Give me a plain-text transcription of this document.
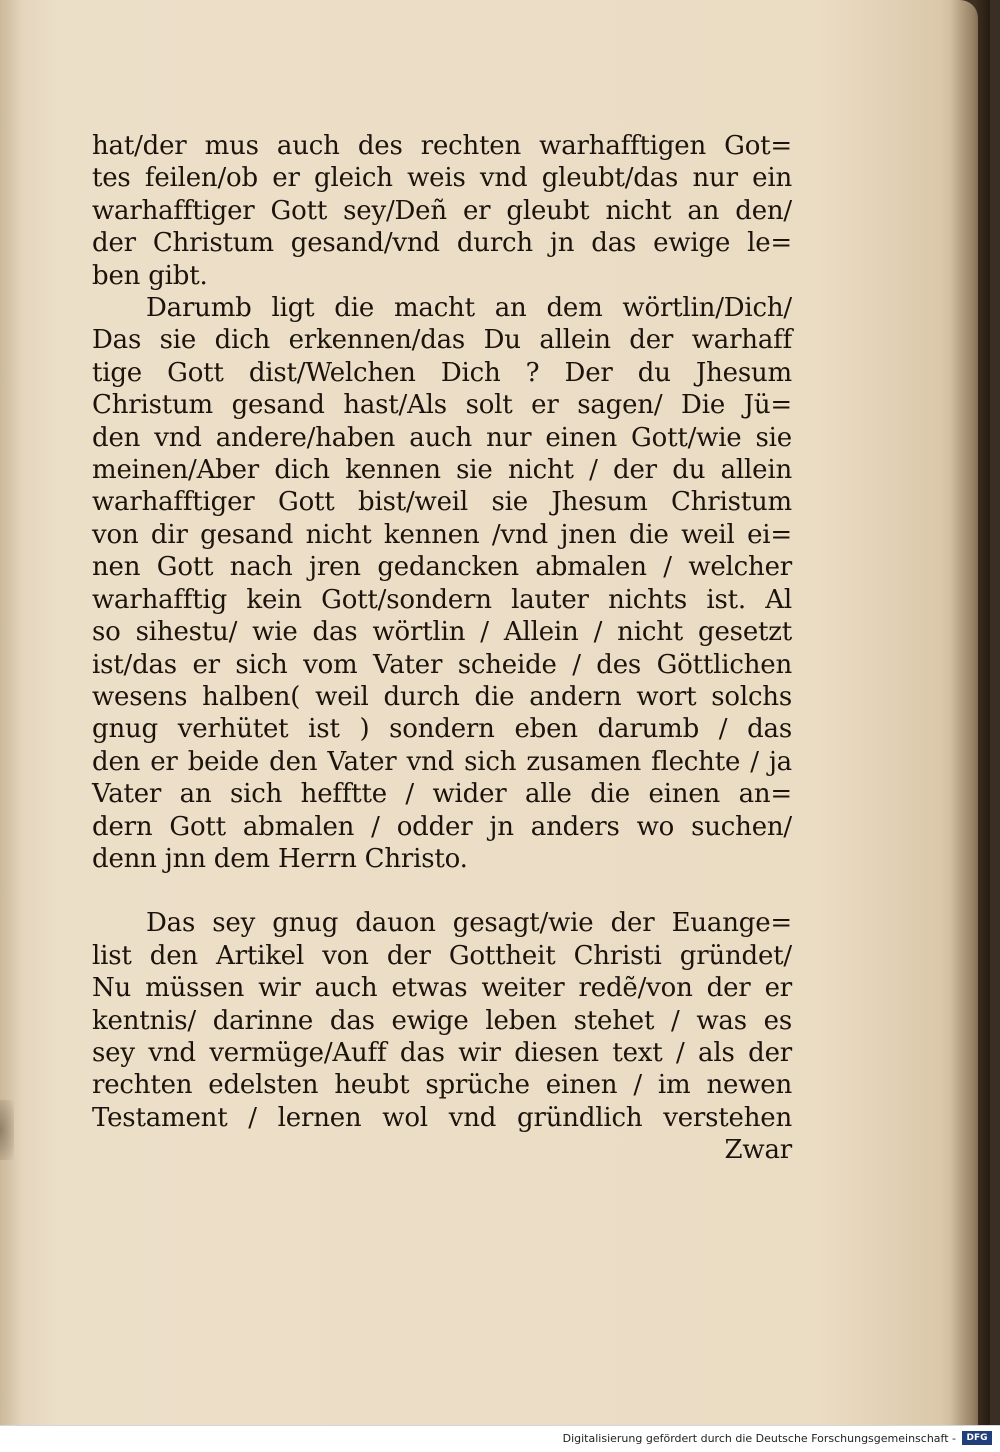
hat/der mus auch des rechten warhafftigen Got=
tes feilen/ob er gleich weis vnd gleubt/das nur ein
warhafftiger Gott sey/Deñ er gleubt nicht an den/
der Christum gesand/vnd durch jn das ewige le=
ben gibt.
Darumb ligt die macht an dem wörtlin/Dich/
Das sie dich erkennen/das Du allein der warhaff
tige Gott dist/Welchen Dich ? Der du Jhesum
Christum gesand hast/Als solt er sagen/ Die Jü=
den vnd andere/haben auch nur einen Gott/wie sie
meinen/Aber dich kennen sie nicht / der du allein
warhafftiger Gott bist/weil sie Jhesum Christum
von dir gesand nicht kennen /vnd jnen die weil ei=
nen Gott nach jren gedancken abmalen / welcher
warhafftig kein Gott/sondern lauter nichts ist. Al
so sihestu/ wie das wörtlin / Allein / nicht gesetzt
ist/das er sich vom Vater scheide / des Göttlichen
wesens halben( weil durch die andern wort solchs
gnug verhütet ist ) sondern eben darumb / das
den er beide den Vater vnd sich zusamen flechte / ja
Vater an sich hefftte / wider alle die einen an=
dern Gott abmalen / odder jn anders wo suchen/
denn jnn dem Herrn Christo.
Das sey gnug dauon gesagt/wie der Euange=
list den Artikel von der Gottheit Christi gründet/
Nu müssen wir auch etwas weiter redẽ/von der er
kentnis/ darinne das ewige leben stehet / was es
sey vnd vermüge/Auff das wir diesen text / als der
rechten edelsten heubt sprüche einen / im newen
Testament / lernen wol vnd gründlich verstehen
Zwar
Digitalisierung gefördert durch die Deutsche Forschungsgemeinschaft -	DFG
